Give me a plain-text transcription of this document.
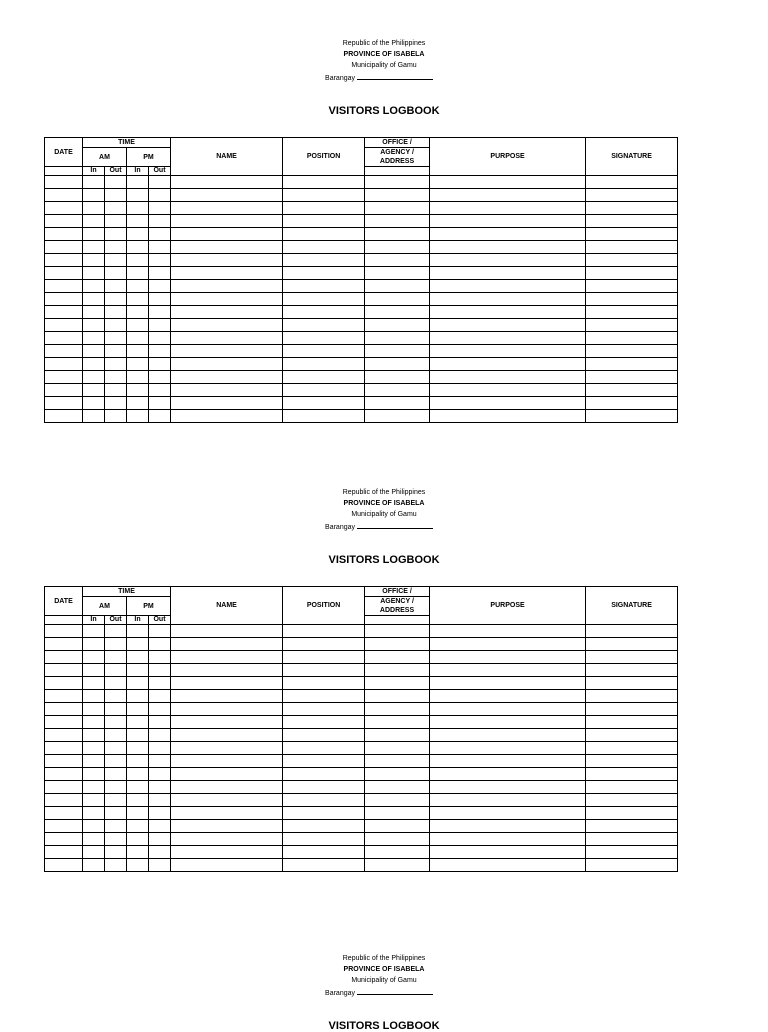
Republic of the Philippines
PROVINCE OF ISABELA
Municipality of Gamu
Barangay
VISITORS LOGBOOK
DATE	TIME				NAME	POSITION	OFFICE /	PURPOSE	SIGNATURE
	AM		PM				AGENCY /		
							ADDRESS		
	In	Out	In	Out					

Republic of the Philippines
PROVINCE OF ISABELA
Municipality of Gamu
Barangay
VISITORS LOGBOOK
DATE	TIME				NAME	POSITION	OFFICE /	PURPOSE	SIGNATURE
	AM		PM				AGENCY /		
							ADDRESS		
	In	Out	In	Out					

Republic of the Philippines
PROVINCE OF ISABELA
Municipality of Gamu
Barangay
VISITORS LOGBOOK
